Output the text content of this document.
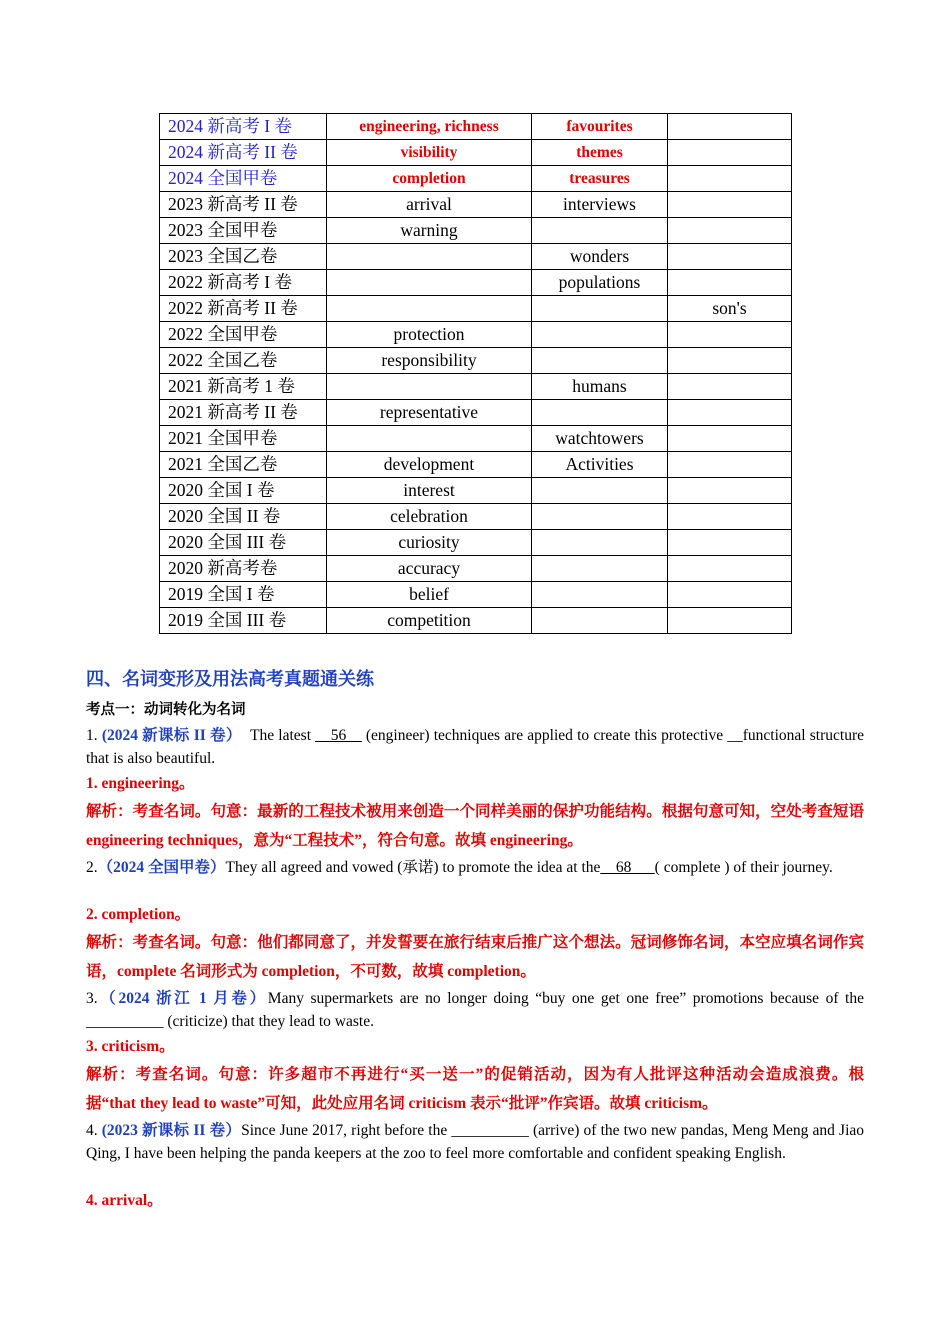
2024 新高考 I 卷	engineering, richness	favourites	
2024 新高考 II 卷	visibility	themes	
2024 全国甲卷	completion	treasures	
2023 新高考 II 卷	arrival	interviews	
2023 全国甲卷	warning		
2023 全国乙卷		wonders	
2022 新高考 I 卷		populations	
2022 新高考 II 卷			son's
2022 全国甲卷	protection		
2022 全国乙卷	responsibility		
2021 新高考 1 卷		humans	
2021 新高考 II 卷	representative		
2021 全国甲卷		watchtowers	
2021 全国乙卷	development	Activities	
2020 全国 I 卷	interest		
2020 全国 II 卷	celebration		
2020 全国 III 卷	curiosity		
2020 新高考卷	accuracy		
2019 全国 I 卷	belief		
2019 全国 III 卷	competition		
四、名词变形及用法高考真题通关练
考点一：动词转化为名词
1. (2024 新课标 II 卷）  The latest __56__ (engineer) techniques are applied to create this protective __functional structure that is also beautiful.
1. engineering。
解析：考查名词。句意：最新的工程技术被用来创造一个同样美丽的保护功能结构。根据句意可知，空处考查短语 engineering techniques，意为“工程技术”，符合句意。故填 engineering。
2.（2024 全国甲卷）They all agreed and vowed (承诺) to promote the idea at the__68___( complete ) of their journey.
2. completion。
解析：考查名词。句意：他们都同意了，并发誓要在旅行结束后推广这个想法。冠词修饰名词，本空应填名词作宾语，complete 名词形式为 completion，不可数，故填 completion。
3.（2024 浙江 1 月卷）Many supermarkets are no longer doing “buy one get one free” promotions because of the __________ (criticize) that they lead to waste.
3. criticism。
解析：考查名词。句意：许多超市不再进行“买一送一”的促销活动，因为有人批评这种活动会造成浪费。根据“that they lead to waste”可知，此处应用名词 criticism 表示“批评”作宾语。故填 criticism。
4. (2023 新课标 II 卷）Since June 2017, right before the __________ (arrive) of the two new pandas, Meng Meng and Jiao Qing, I have been helping the panda keepers at the zoo to feel more comfortable and confident speaking English.
4. arrival。
